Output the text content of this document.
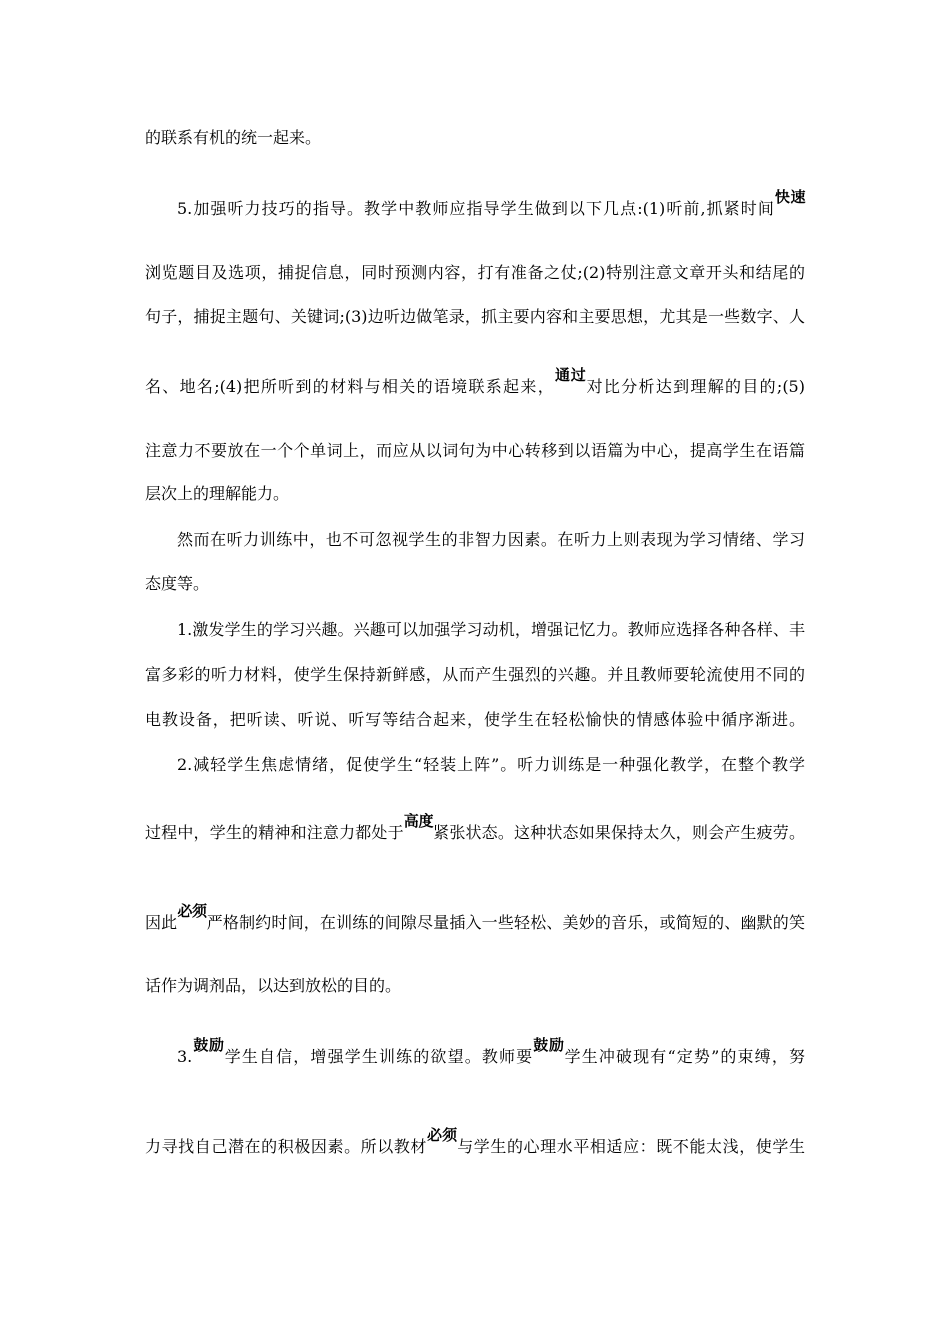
的联系有机的统一起来。
5.加强听力技巧的指导。教学中教师应指导学生做到以下几点:(1)听前,抓紧时间快速
浏览题目及选项，捕捉信息，同时预测内容，打有准备之仗;(2)特别注意文章开头和结尾的
句子，捕捉主题句、关键词;(3)边听边做笔录，抓主要内容和主要思想，尤其是一些数字、人
名、地名;(4)把所听到的材料与相关的语境联系起来，通过对比分析达到理解的目的;(5)
注意力不要放在一个个单词上，而应从以词句为中心转移到以语篇为中心，提高学生在语篇
层次上的理解能力。
然而在听力训练中，也不可忽视学生的非智力因素。在听力上则表现为学习情绪、学习
态度等。
1.激发学生的学习兴趣。兴趣可以加强学习动机，增强记忆力。教师应选择各种各样、丰
富多彩的听力材料，使学生保持新鲜感，从而产生强烈的兴趣。并且教师要轮流使用不同的
电教设备，把听读、听说、听写等结合起来，使学生在轻松愉快的情感体验中循序渐进。
2.减轻学生焦虑情绪，促使学生“轻装上阵”。听力训练是一种强化教学，在整个教学
过程中，学生的精神和注意力都处于高度紧张状态。这种状态如果保持太久，则会产生疲劳。
因此必须严格制约时间，在训练的间隙尽量插入一些轻松、美妙的音乐，或简短的、幽默的笑
话作为调剂品，以达到放松的目的。
3.鼓励学生自信，增强学生训练的欲望。教师要鼓励学生冲破现有“定势”的束缚，努
力寻找自己潜在的积极因素。所以教材必须与学生的心理水平相适应：既不能太浅，使学生
